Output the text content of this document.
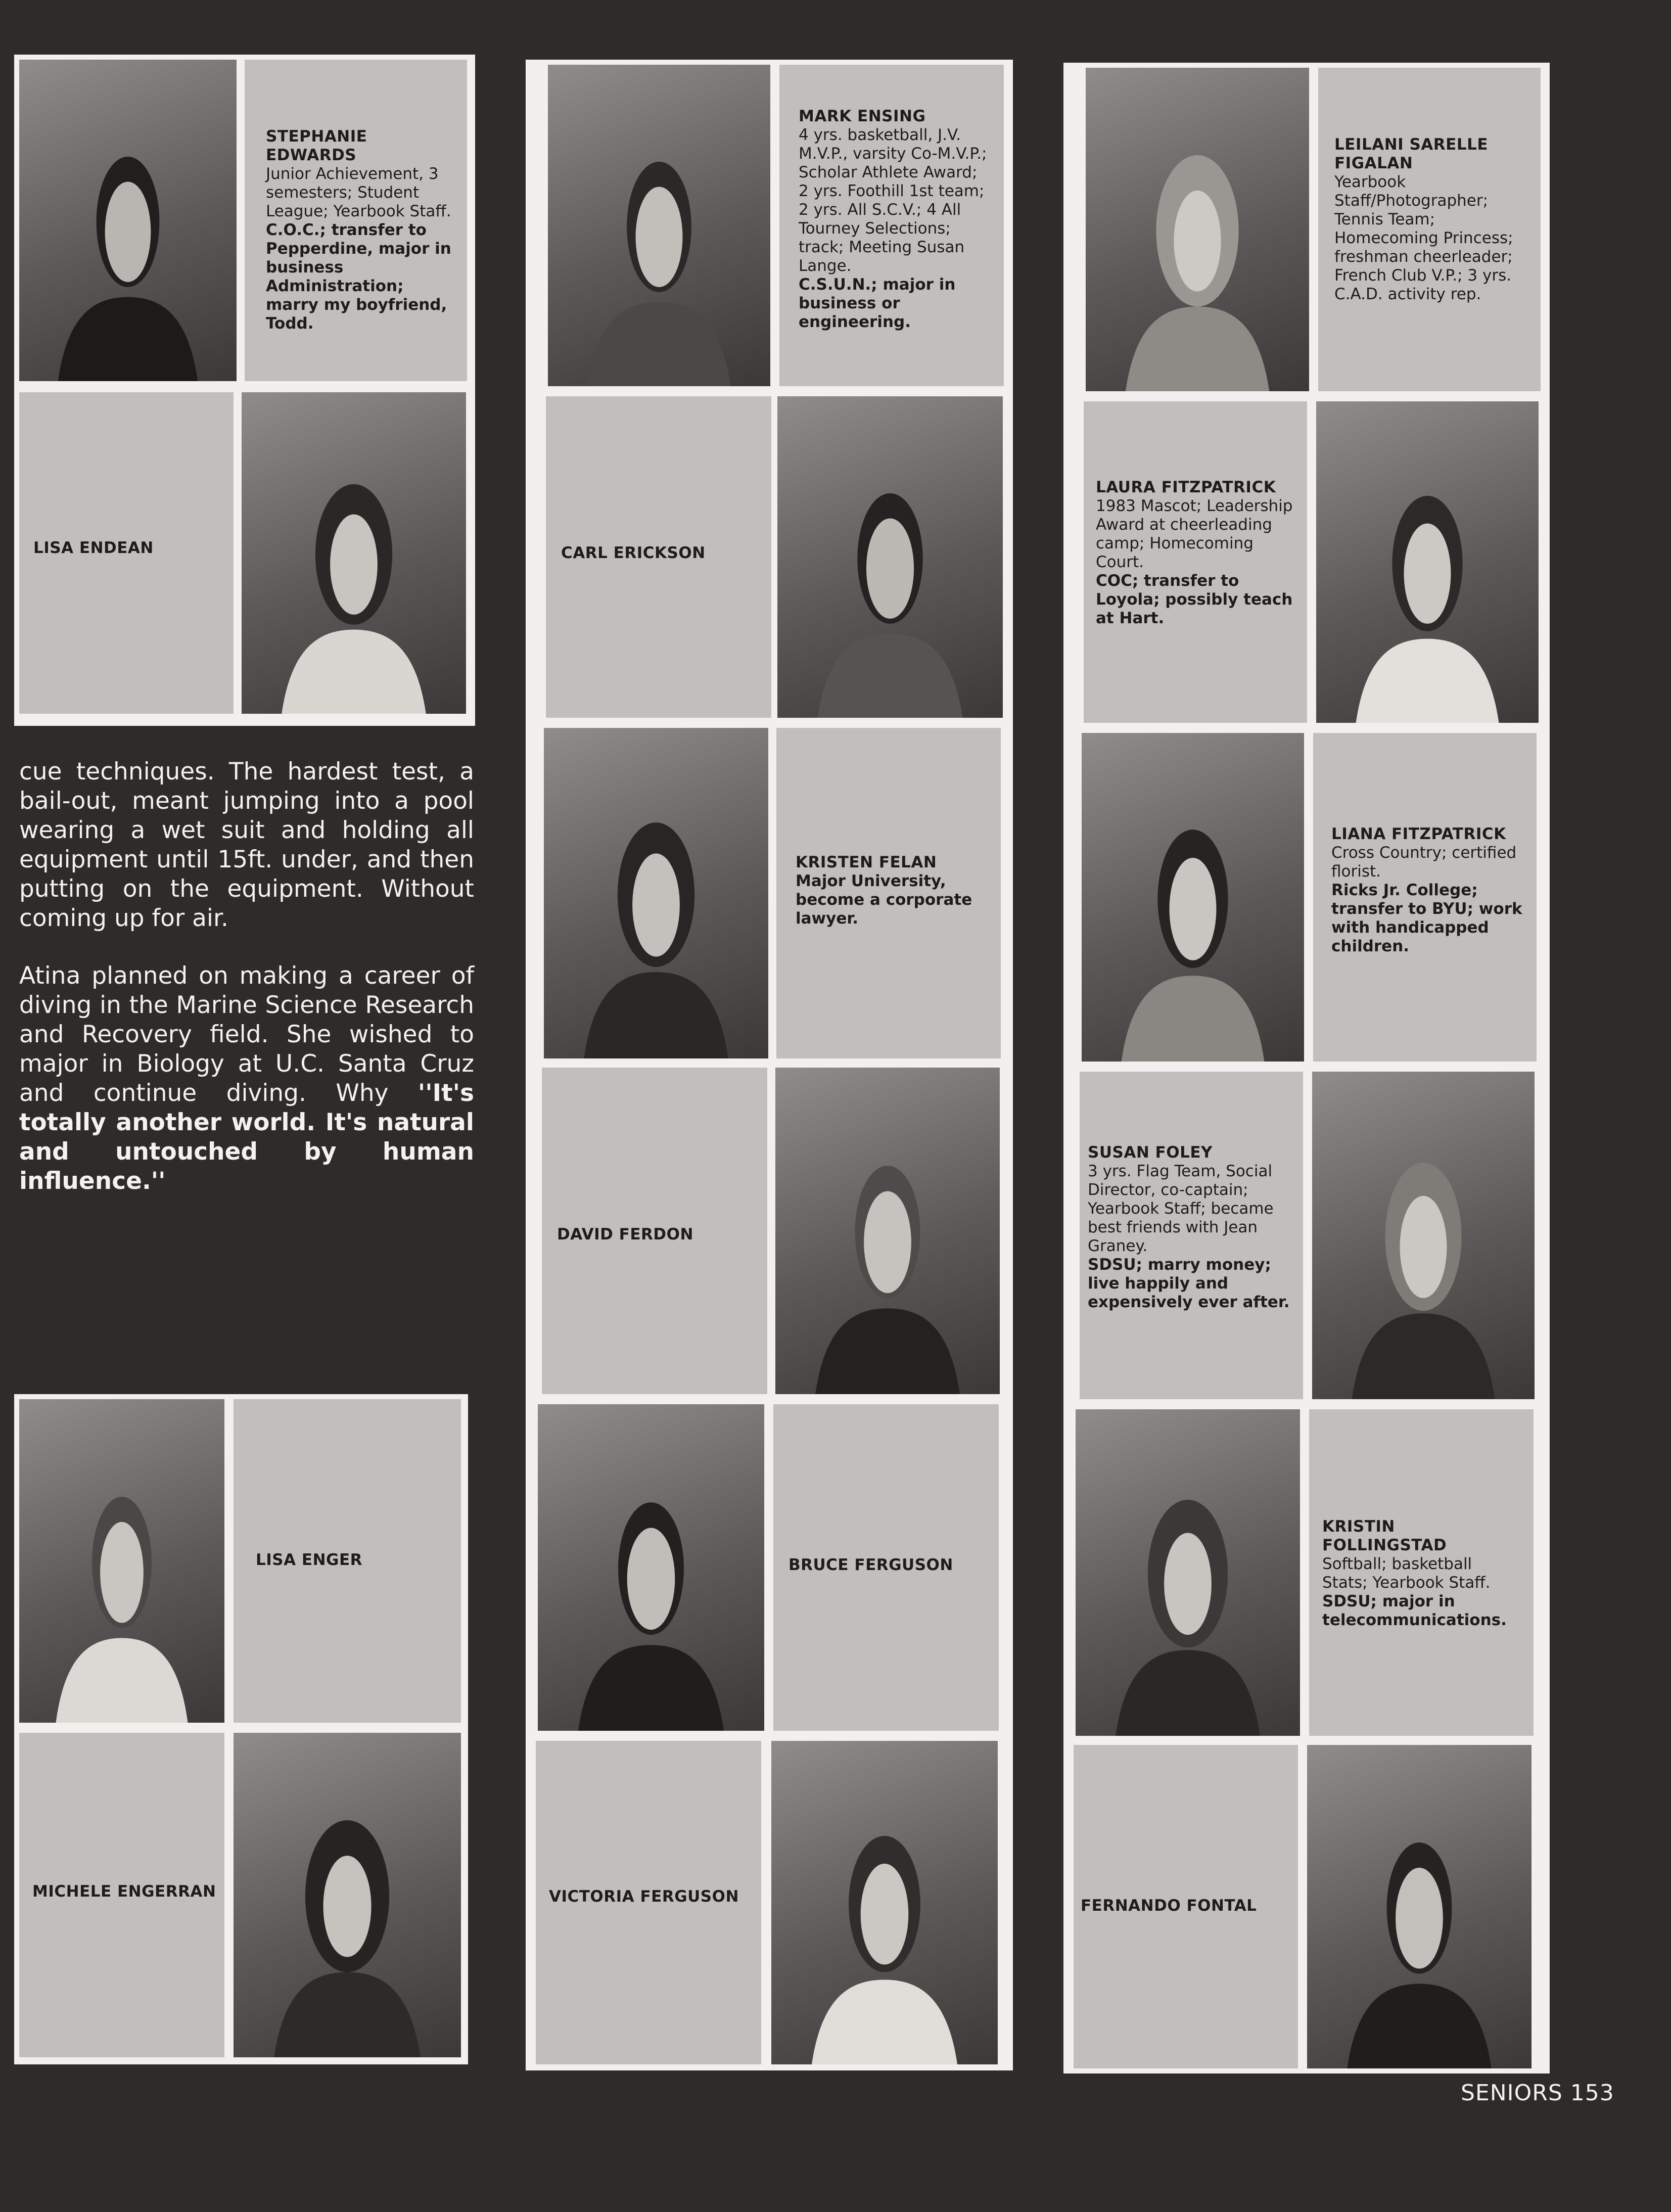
STEPHANIE EDWARDS
Junior Achievement, 3 semesters; Student League; Yearbook Staff.
C.O.C.; transfer to Pepperdine, major in business Administration; marry my boyfriend, Todd.
LISA ENDEAN

cue techniques. The hardest test, a bail-out, meant jumping into a pool wearing a wet suit and holding all equipment until 15ft. under, and then putting on the equipment. Without coming up for air.

Atina planned on making a career of diving in the Marine Science Research and Recovery field. She wished to major in Biology at U.C. Santa Cruz and continue diving. Why ''It's totally another world. It's natural and untouched by human influence.''

LISA ENGER
MICHELE ENGERRAN
MARK ENSING
4 yrs. basketball, J.V. M.V.P., varsity Co-M.V.P.; Scholar Athlete Award; 2 yrs. Foothill 1st team; 2 yrs. All S.C.V.; 4 All Tourney Selections; track; Meeting Susan Lange.
C.S.U.N.; major in business or engineering.
CARL ERICKSON
KRISTEN FELAN
Major University, become a corporate lawyer.
DAVID FERDON
BRUCE FERGUSON
VICTORIA FERGUSON
LEILANI SARELLE
FIGALAN
Yearbook Staff/Photographer; Tennis Team; Homecoming Princess; freshman cheerleader; French Club V.P.; 3 yrs. C.A.D. activity rep.
LAURA FITZPATRICK
1983 Mascot; Leadership Award at cheerleading camp; Homecoming Court.
COC; transfer to Loyola; possibly teach at Hart.
LIANA FITZPATRICK
Cross Country; certified florist.
Ricks Jr. College; transfer to BYU; work with handicapped children.
SUSAN FOLEY
3 yrs. Flag Team, Social Director, co-captain; Yearbook Staff; became best friends with Jean Graney.
SDSU; marry money; live happily and expensively ever after.
KRISTIN
FOLLINGSTAD
Softball; basketball Stats; Yearbook Staff.
SDSU; major in telecommunications.
FERNANDO FONTAL
SENIORS 153
